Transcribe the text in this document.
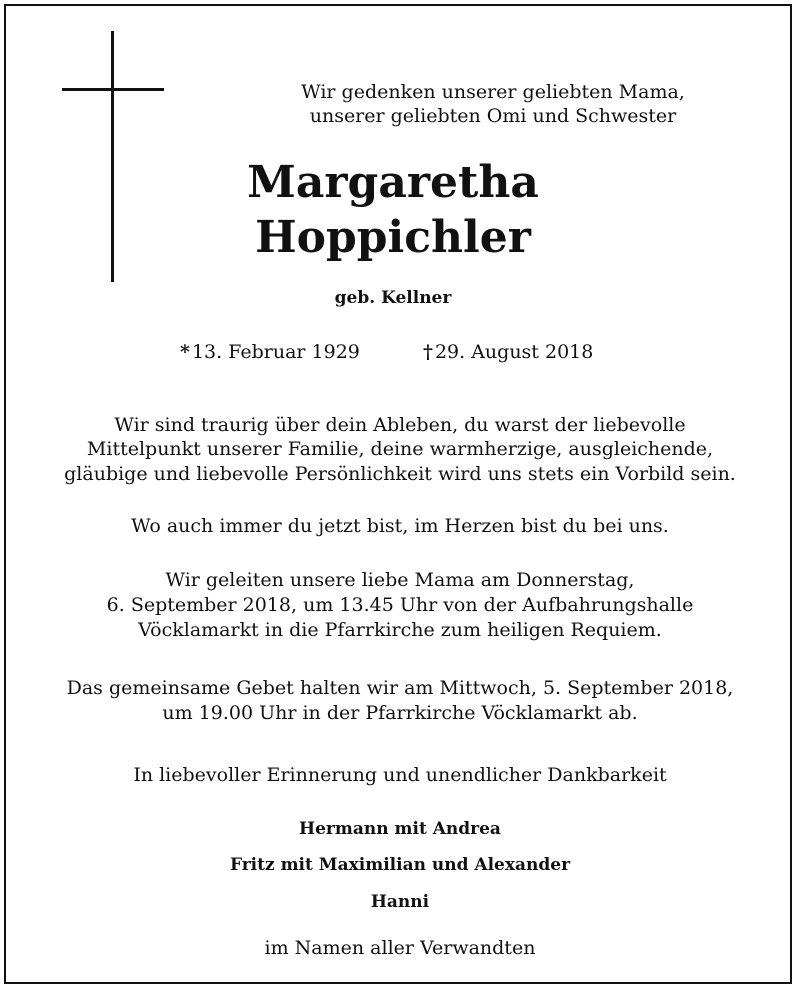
Wir gedenken unserer geliebten Mama,
unserer geliebten Omi und Schwester
Margaretha
Hoppichler
geb. Kellner
* 13. Februar 1929	† 29. August 2018
Wir sind traurig über dein Ableben, du warst der liebevolle
Mittelpunkt unserer Familie, deine warmherzige, ausgleichende,
gläubige und liebevolle Persönlichkeit wird uns stets ein Vorbild sein.
Wo auch immer du jetzt bist, im Herzen bist du bei uns.
Wir geleiten unsere liebe Mama am Donnerstag,
6. September 2018, um 13.45 Uhr von der Aufbahrungshalle
Vöcklamarkt in die Pfarrkirche zum heiligen Requiem.
Das gemeinsame Gebet halten wir am Mittwoch, 5. September 2018,
um 19.00 Uhr in der Pfarrkirche Vöcklamarkt ab.
In liebevoller Erinnerung und unendlicher Dankbarkeit
Hermann mit Andrea
Fritz mit Maximilian und Alexander
Hanni
im Namen aller Verwandten
